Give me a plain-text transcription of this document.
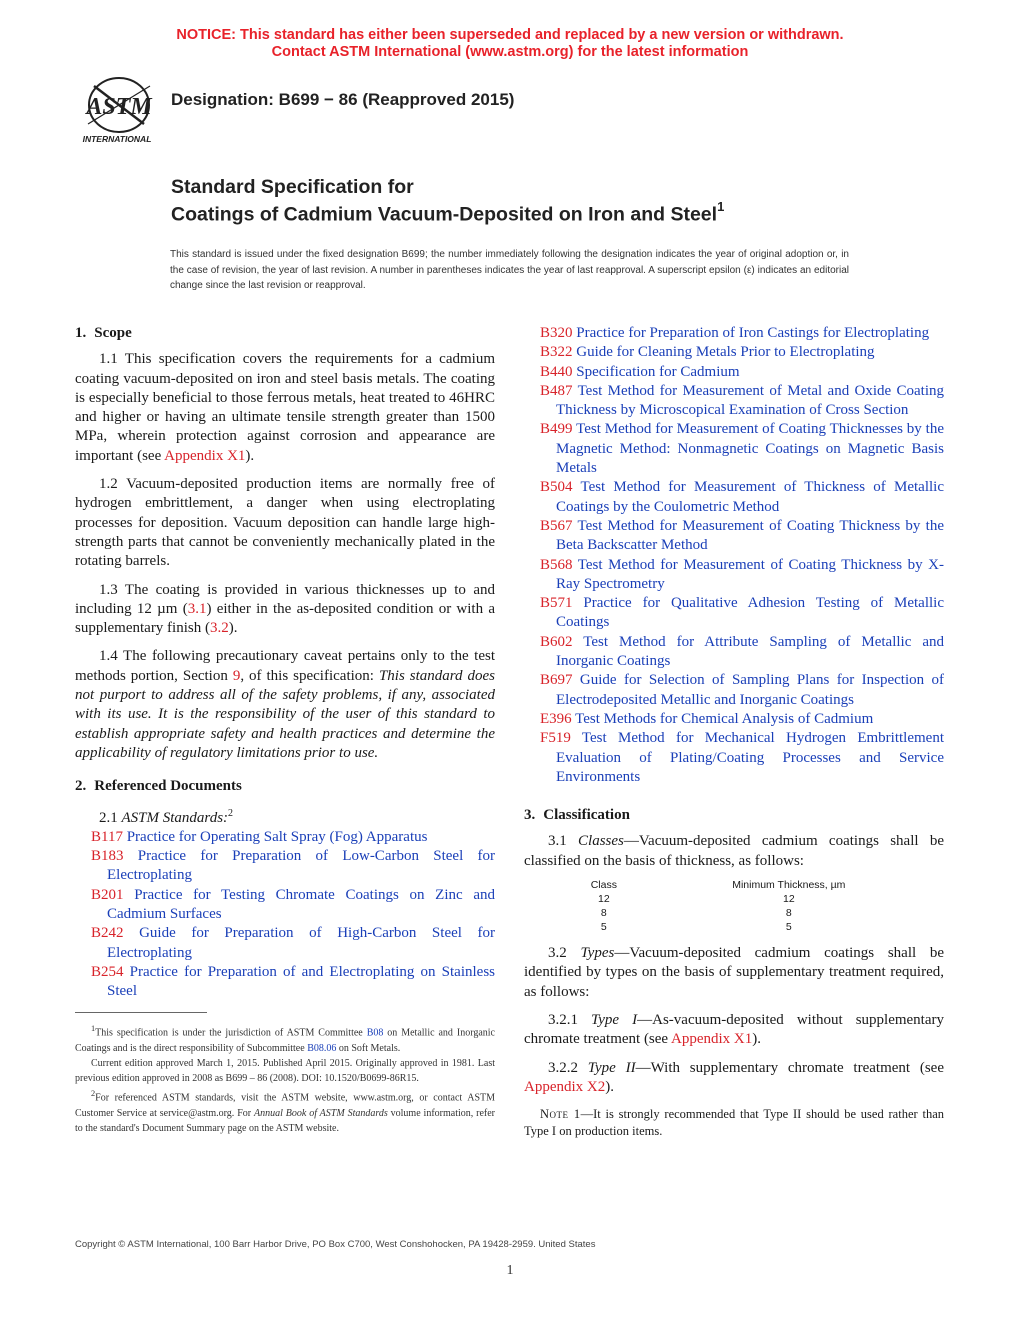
NOTICE: This standard has either been superseded and replaced by a new version or withdrawn.
Contact ASTM International (www.astm.org) for the latest information
ASTM
INTERNATIONAL
Designation: B699 − 86 (Reapproved 2015)
Standard Specification for
Coatings of Cadmium Vacuum-Deposited on Iron and Steel$^1$
This standard is issued under the fixed designation B699; the number immediately following the designation indicates the year of original adoption or, in the case of revision, the year of last revision. A number in parentheses indicates the year of last reapproval. A superscript epsilon (ε) indicates an editorial change since the last revision or reapproval.
1. Scope

1.1 This specification covers the requirements for a cadmium coating vacuum-deposited on iron and steel basis metals. The coating is especially beneficial to those ferrous metals, heat treated to 46HRC and higher or having an ultimate tensile strength greater than 1500 MPa, wherein protection against corrosion and appearance are important (see Appendix X1).

1.2 Vacuum-deposited production items are normally free of hydrogen embrittlement, a danger when using electroplating processes for deposition. Vacuum deposition can handle large high-strength parts that cannot be conveniently mechanically plated in the rotating barrels.

1.3 The coating is provided in various thicknesses up to and including 12 µm (3.1) either in the as-deposited condition or with a supplementary finish (3.2).

1.4 The following precautionary caveat pertains only to the test methods portion, Section 9, of this specification: This standard does not purport to address all of the safety problems, if any, associated with its use. It is the responsibility of the user of this standard to establish appropriate safety and health practices and determine the applicability of regulatory limitations prior to use.

2. Referenced Documents

2.1 ASTM Standards:$^2$

B117 Practice for Operating Salt Spray (Fog) Apparatus

B183 Practice for Preparation of Low-Carbon Steel for Electroplating

B201 Practice for Testing Chromate Coatings on Zinc and Cadmium Surfaces

B242 Guide for Preparation of High-Carbon Steel for Electroplating

B254 Practice for Preparation of and Electroplating on Stainless Steel

$^1$This specification is under the jurisdiction of ASTM Committee B08 on Metallic and Inorganic Coatings and is the direct responsibility of Subcommittee B08.06 on Soft Metals.

Current edition approved March 1, 2015. Published April 2015. Originally approved in 1981. Last previous edition approved in 2008 as B699 – 86 (2008). DOI: 10.1520/B0699-86R15.

$^2$For referenced ASTM standards, visit the ASTM website, www.astm.org, or contact ASTM Customer Service at service@astm.org. For Annual Book of ASTM Standards volume information, refer to the standard's Document Summary page on the ASTM website.

B320 Practice for Preparation of Iron Castings for Electroplating

B322 Guide for Cleaning Metals Prior to Electroplating

B440 Specification for Cadmium

B487 Test Method for Measurement of Metal and Oxide Coating Thickness by Microscopical Examination of Cross Section

B499 Test Method for Measurement of Coating Thicknesses by the Magnetic Method: Nonmagnetic Coatings on Magnetic Basis Metals

B504 Test Method for Measurement of Thickness of Metallic Coatings by the Coulometric Method

B567 Test Method for Measurement of Coating Thickness by the Beta Backscatter Method

B568 Test Method for Measurement of Coating Thickness by X-Ray Spectrometry

B571 Practice for Qualitative Adhesion Testing of Metallic Coatings

B602 Test Method for Attribute Sampling of Metallic and Inorganic Coatings

B697 Guide for Selection of Sampling Plans for Inspection of Electrodeposited Metallic and Inorganic Coatings

E396 Test Methods for Chemical Analysis of Cadmium

F519 Test Method for Mechanical Hydrogen Embrittlement Evaluation of Plating/Coating Processes and Service Environments

3. Classification

3.1 Classes—Vacuum-deposited cadmium coatings shall be classified on the basis of thickness, as follows:

Class	Minimum Thickness, µm
12	12
8	8
5	5

3.2 Types—Vacuum-deposited cadmium coatings shall be identified by types on the basis of supplementary treatment required, as follows:

3.2.1 Type I—As-vacuum-deposited without supplementary chromate treatment (see Appendix X1).

3.2.2 Type II—With supplementary chromate treatment (see Appendix X2).

Note 1—It is strongly recommended that Type II should be used rather than Type I on production items.

Copyright © ASTM International, 100 Barr Harbor Drive, PO Box C700, West Conshohocken, PA 19428-2959. United States
1
